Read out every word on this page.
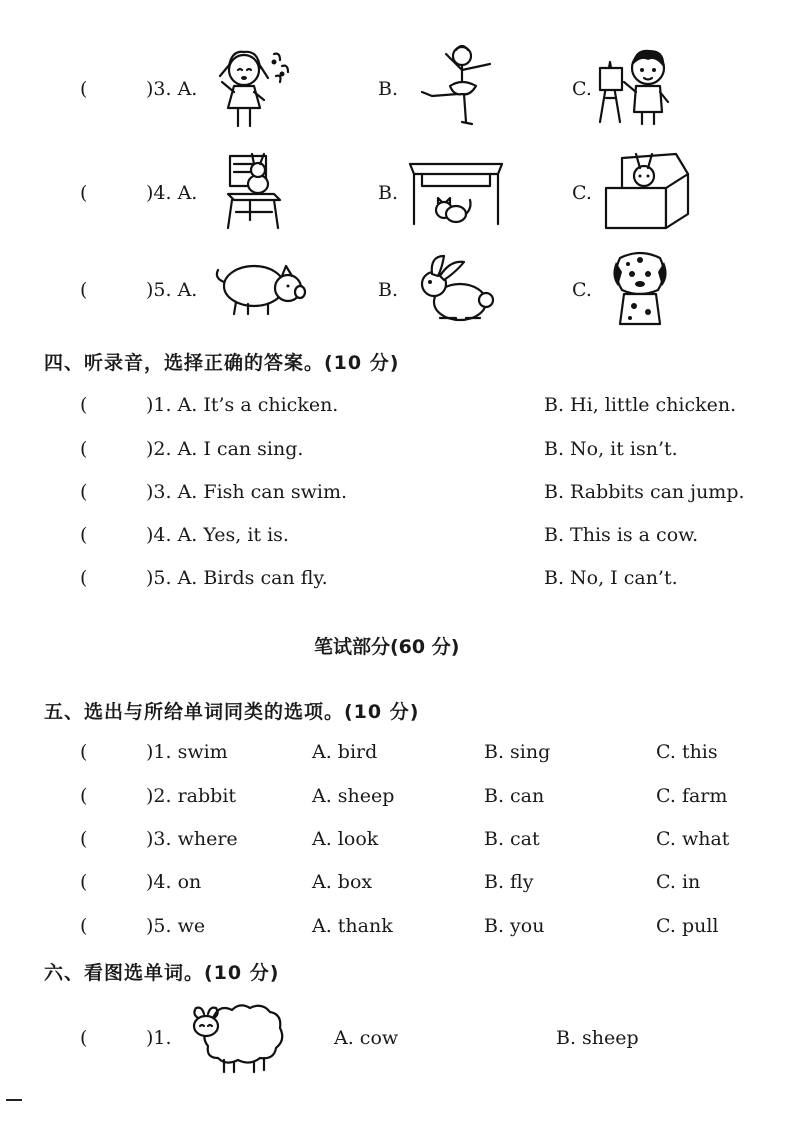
(	)3. A.	B.	C.
(	)4. A.	B.	C.
(	)5. A.	B.	C.
四、听录音，选择正确的答案。(10 分)
(	)1. A. It’s a chicken.	B. Hi, little chicken.
(	)2. A. I can sing.	B. No, it isn’t.
(	)3. A. Fish can swim.	B. Rabbits can jump.
(	)4. A. Yes, it is.	B. This is a cow.
(	)5. A. Birds can fly.	B. No, I can’t.
笔试部分(60 分)
五、选出与所给单词同类的选项。(10 分)
(	)1. swim	A. bird	B. sing	C. this
(	)2. rabbit	A. sheep	B. can	C. farm
(	)3. where	A. look	B. cat	C. what
(	)4. on	A. box	B. fly	C. in
(	)5. we	A. thank	B. you	C. pull
六、看图选单词。(10 分)
(	)1.	A. cow	B. sheep
